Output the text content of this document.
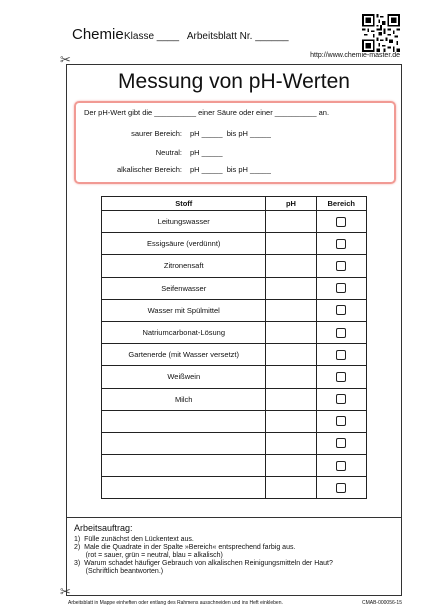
Chemie Klasse ____ Arbeitsblatt Nr. ______
http://www.chemie-master.de
✂
✂
Messung von pH-Werten
Der pH-Wert gibt die __________ einer Säure oder einer __________ an.
saurer Bereich: pH _____  bis pH _____
Neutral: pH _____
alkalischer Bereich: pH _____  bis pH _____
Stoff	pH	Bereich
Leitungswasser		
Essigsäure (verdünnt)		
Zitronensaft		
Seifenwasser		
Wasser mit Spülmittel		
Natriumcarbonat-Lösung		
Gartenerde (mit Wasser versetzt)		
Weißwein		
Milch		

Arbeitsauftrag:
1)  Fülle zunächst den Lückentext aus.
2)  Male die Quadrate in der Spalte »Bereich« entsprechend farbig aus.
(rot = sauer, grün = neutral, blau = alkalisch)
3)  Warum schadet häufiger Gebrauch von alkalischen Reinigungsmitteln der Haut?
(Schriftlich beantworten.)
Arbeitsblatt in Mappe einheften oder entlang des Rahmens ausschneiden und ins Heft einkleben.	CMAB-000056-15
